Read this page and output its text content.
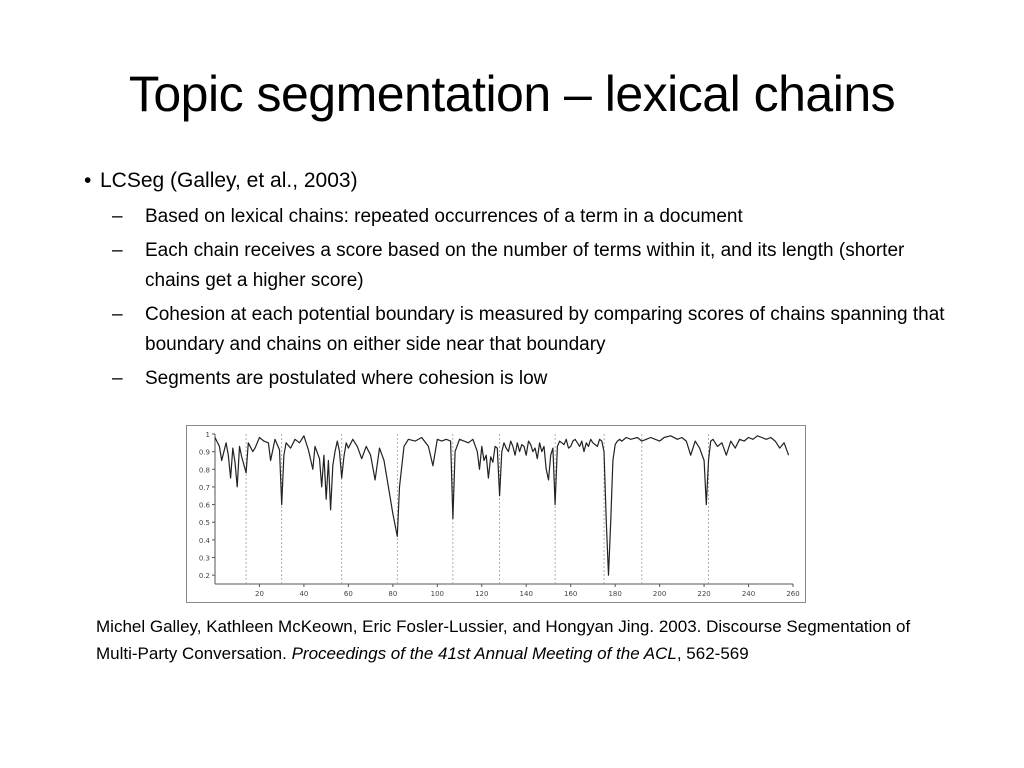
Topic segmentation – lexical chains
• LCSeg (Galley, et al., 2003)
– Based on lexical chains: repeated occurrences of a term in a document
– Each chain receives a score based on the number of terms within it, and its length (shorter chains get a higher score)
– Cohesion at each potential boundary is measured by comparing scores of chains spanning that boundary and chains on either side near that boundary
– Segments are postulated where cohesion is low
1
0.9
0.8
0.7
0.6
0.5
0.4
0.3
0.2
20	40	60	80	100	120	140	160	180	200	220	240	260
Michel Galley, Kathleen McKeown, Eric Fosler-Lussier, and Hongyan Jing. 2003. Discourse Segmentation of Multi-Party Conversation. Proceedings of the 41st Annual Meeting of the ACL, 562-569
